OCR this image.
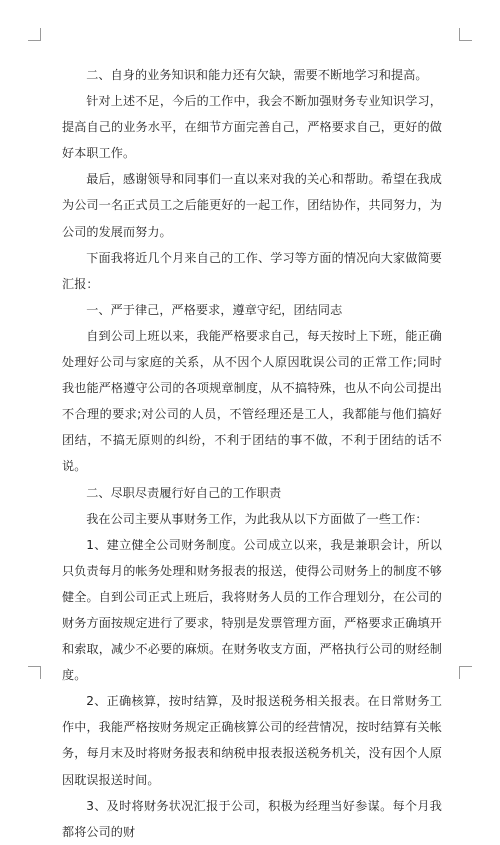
二、自身的业务知识和能力还有欠缺，需要不断地学习和提高。

针对上述不足，今后的工作中，我会不断加强财务专业知识学习，提高自己的业务水平，在细节方面完善自己，严格要求自己，更好的做好本职工作。

最后，感谢领导和同事们一直以来对我的关心和帮助。希望在我成为公司一名正式员工之后能更好的一起工作，团结协作，共同努力，为公司的发展而努力。

下面我将近几个月来自己的工作、学习等方面的情况向大家做简要汇报：

一、严于律己，严格要求，遵章守纪，团结同志

自到公司上班以来，我能严格要求自己，每天按时上下班，能正确处理好公司与家庭的关系，从不因个人原因耽误公司的正常工作;同时我也能严格遵守公司的各项规章制度，从不搞特殊，也从不向公司提出不合理的要求;对公司的人员，不管经理还是工人，我都能与他们搞好团结，不搞无原则的纠纷，不利于团结的事不做，不利于团结的话不说。

二、尽职尽责履行好自己的工作职责

我在公司主要从事财务工作，为此我从以下方面做了一些工作：

1、建立健全公司财务制度。公司成立以来，我是兼职会计，所以只负责每月的帐务处理和财务报表的报送，使得公司财务上的制度不够健全。自到公司正式上班后，我将财务人员的工作合理划分，在公司的财务方面按规定进行了要求，特别是发票管理方面，严格要求正确填开和索取，减少不必要的麻烦。在财务收支方面，严格执行公司的财经制度。

2、正确核算，按时结算，及时报送税务相关报表。在日常财务工作中，我能严格按财务规定正确核算公司的经营情况，按时结算有关帐务，每月末及时将财务报表和纳税申报表报送税务机关，没有因个人原因耽误报送时间。

3、及时将财务状况汇报于公司，积极为经理当好参谋。每个月我都将公司的财
